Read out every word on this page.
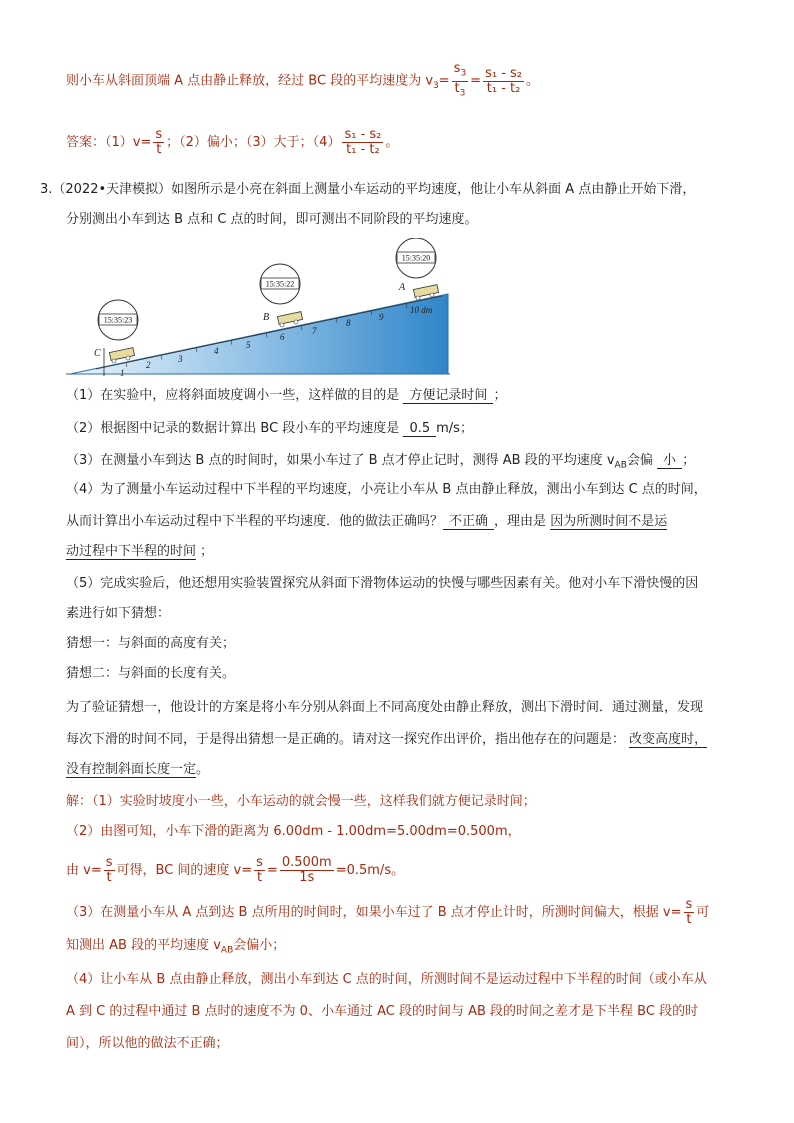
则小车从斜面顶端 A 点由静止释放，经过 BC 段的平均速度为 $v_3= \frac{s_3}{t_3} = \frac{\text{s₁ - s₂}}{\text{t₁ - t₂}}$ 。
答案：$(1)v= \frac{s}{t}$ ；（2）偏小；（3）大于；$(4) \frac{\text{s₁ - s₂}}{\text{t₁ - t₂}}$ 。
3.（2022•天津模拟）如图所示是小亮在斜面上测量小车运动的平均速度，他让小车从斜面 A 点由静止开始下滑，
分别测出小车到达 B 点和 C 点的时间，即可测出不同阶段的平均速度。
1
2
3
4
5
6
7
8
9
10 dm
A
B
C
15:35:23
15:35:22
15:35:20
（1）在实验中，应将斜面坡度调小一些，这样做的目的是 方便记录时间 ；
（2）根据图中记录的数据计算出 BC 段小车的平均速度是 0.5 m/s；
（3）在测量小车到达 B 点的时间时，如果小车过了 B 点才停止记时，测得 AB 段的平均速度 $v_{AB}$会偏 小 ；
（4）为了测量小车运动过程中下半程的平均速度，小亮让小车从 B 点由静止释放，测出小车到达 C 点的时间，
从而计算出小车运动过程中下半程的平均速度．他的做法正确吗？ 不正确 ，理由是 因为所测时间不是运
动过程中下半程的时间 ；
（5）完成实验后，他还想用实验装置探究从斜面下滑物体运动的快慢与哪些因素有关。他对小车下滑快慢的因
素进行如下猜想：
猜想一：与斜面的高度有关；
猜想二：与斜面的长度有关。
为了验证猜想一，他设计的方案是将小车分别从斜面上不同高度处由静止释放，测出下滑时间．通过测量，发现
每次下滑的时间不同，于是得出猜想一是正确的。请对这一探究作出评价，指出他存在的问题是： 改变高度时，
没有控制斜面长度一定。
解：（1）实验时坡度小一些，小车运动的就会慢一些，这样我们就方便记录时间；
（2）由图可知，小车下滑的距离为 6.00dm - 1.00dm=5.00dm=0.500m，
由 $v= \frac{s}{t}$ 可得，BC 间的速度 $v= \frac{s}{t} = \frac{0.500m}{1s} =0.5m/s$。
（3）在测量小车从 A 点到达 B 点所用的时间时，如果小车过了 B 点才停止计时，所测时间偏大，根据 $v= \frac{s}{t}$ 可
知测出 AB 段的平均速度 $v_{AB}$会偏小；
（4）让小车从 B 点由静止释放，测出小车到达 C 点的时间，所测时间不是运动过程中下半程的时间（或小车从
A 到 C 的过程中通过 B 点时的速度不为 0、小车通过 AC 段的时间与 AB 段的时间之差才是下半程 BC 段的时
间），所以他的做法不正确；
